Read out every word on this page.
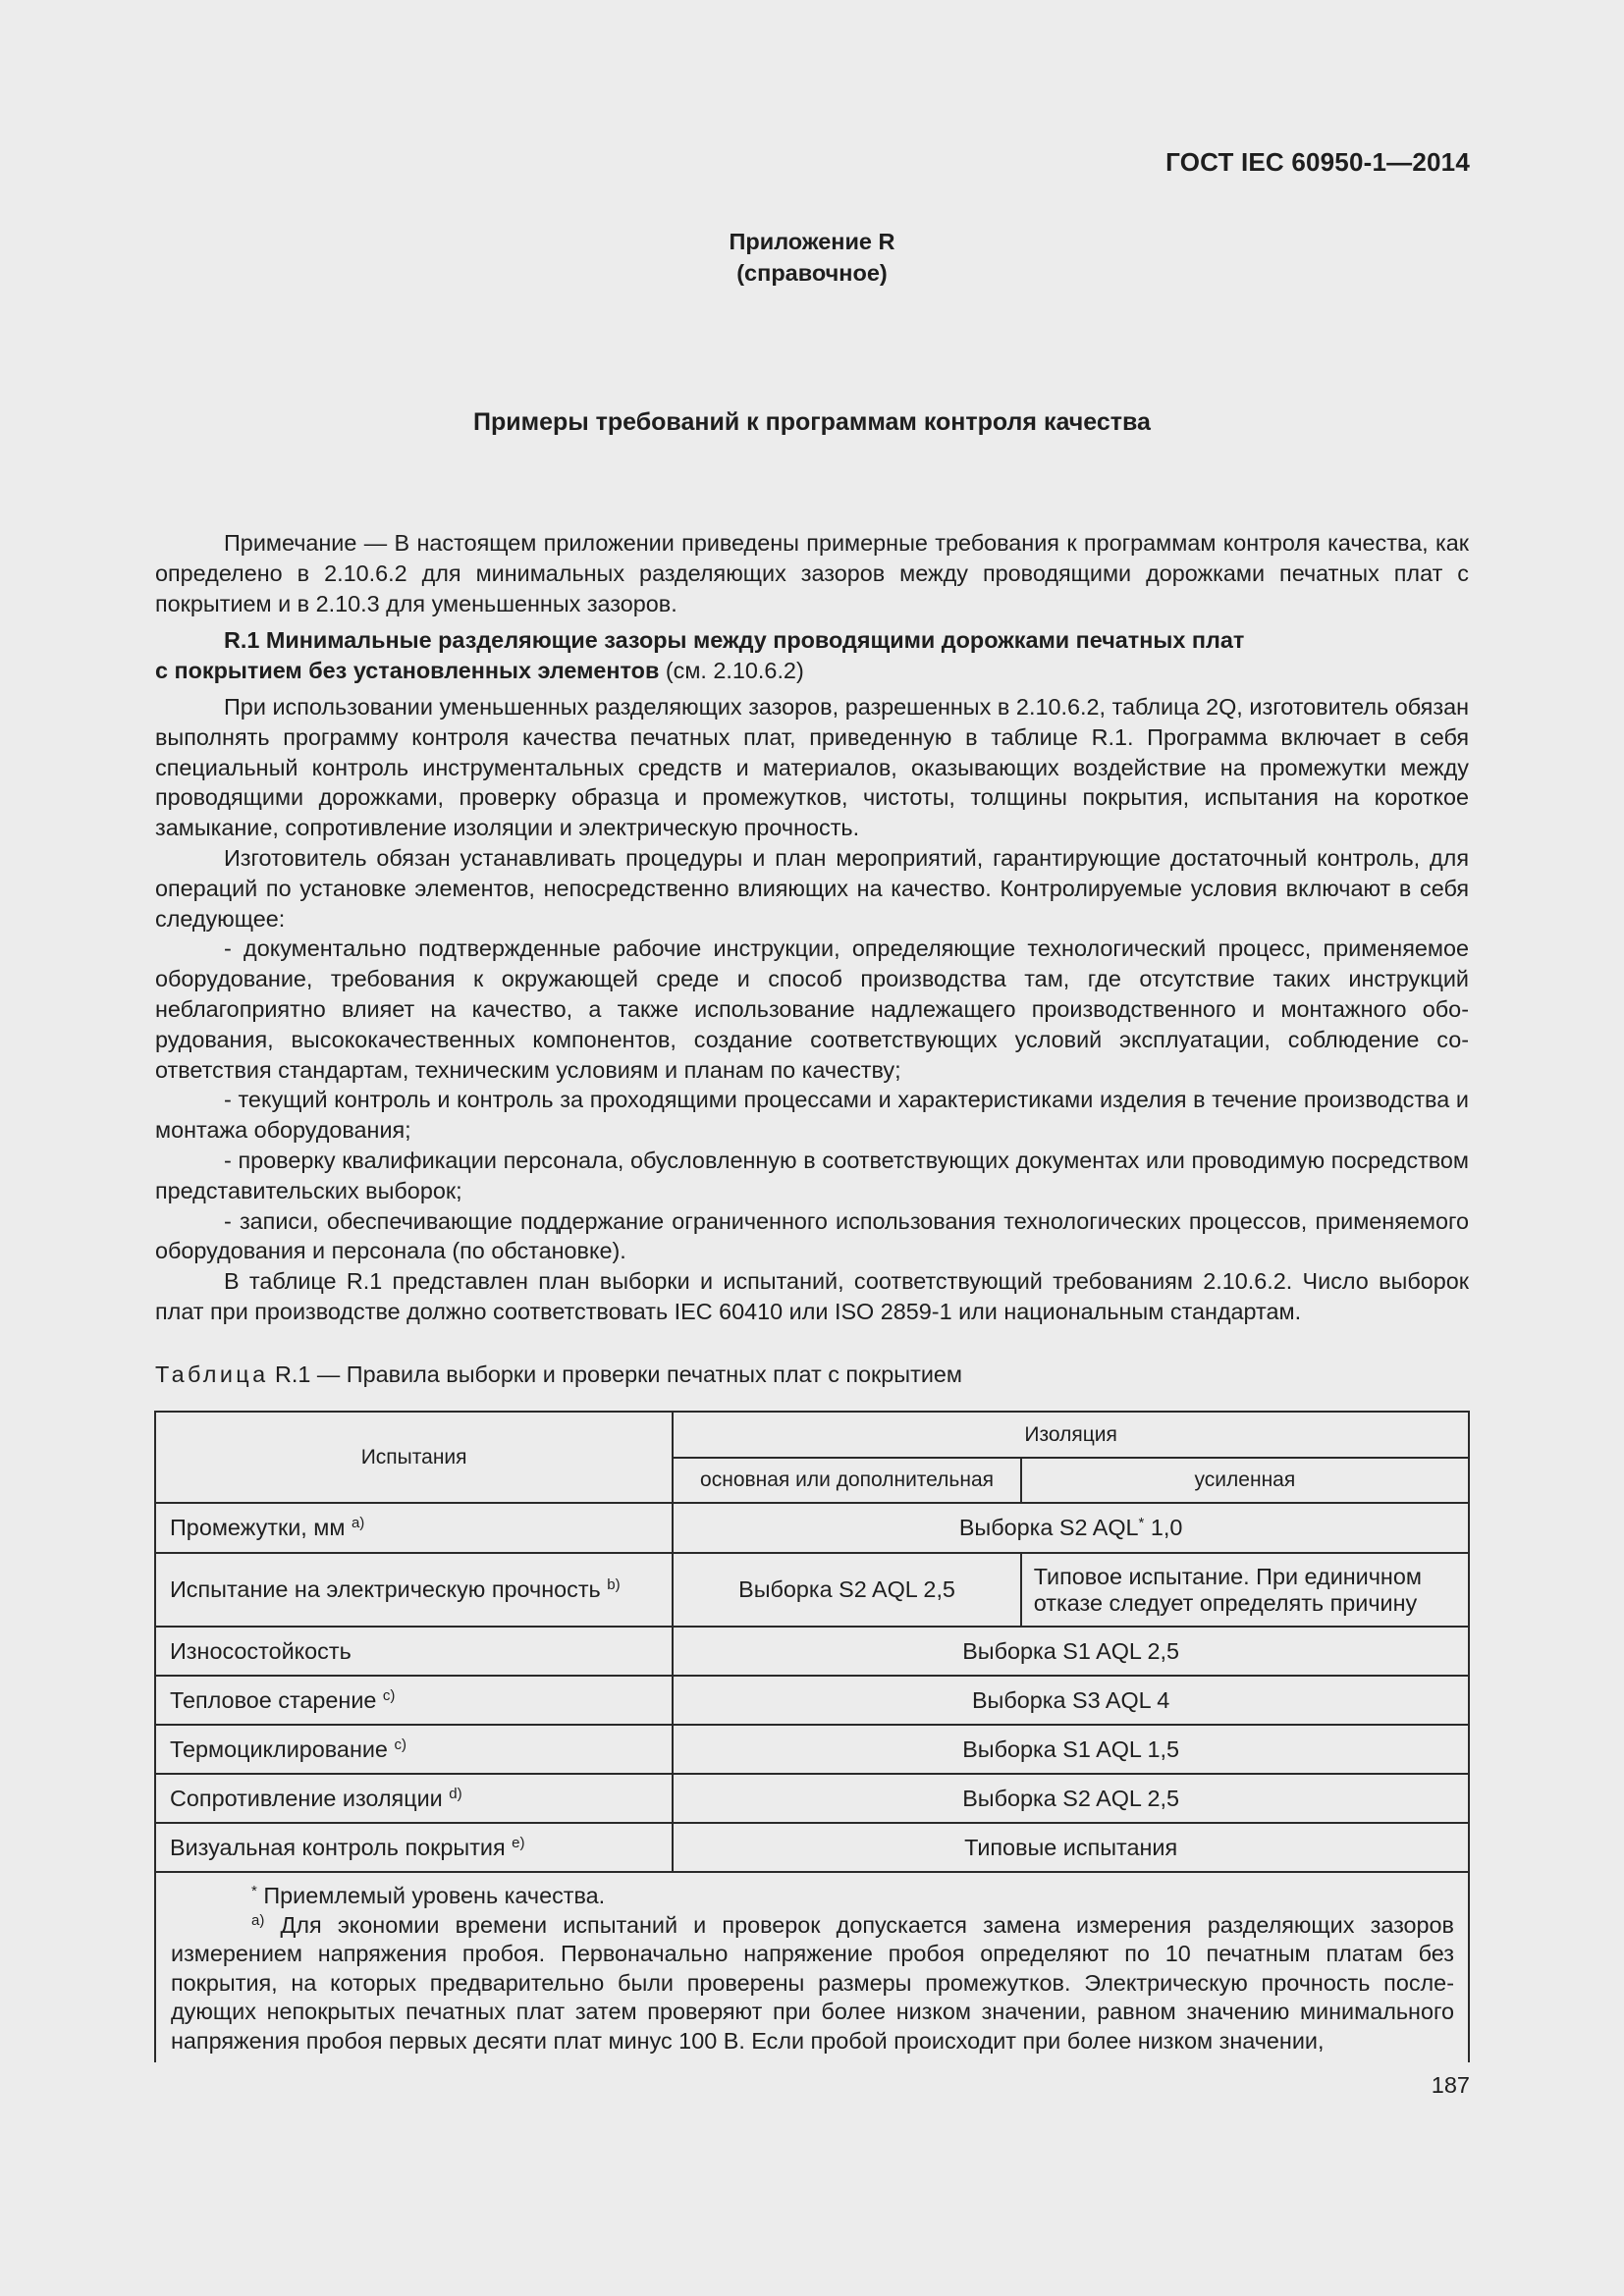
ГОСТ IEC 60950-1—2014
Приложение R
(справочное)
Примеры требований к программам контроля качества

Примечание — В настоящем приложении приведены примерные требования к программам контроля качества, как определено в 2.10.6.2 для минимальных разделяющих зазоров между проводящими дорожками печатных плат с покрытием и в 2.10.3 для уменьшенных зазоров.

R.1 Минимальные разделяющие зазоры между проводящими дорожками печатных плат
с покрытием без установленных элементов (см. 2.10.6.2)

При использовании уменьшенных разделяющих зазоров, разрешенных в 2.10.6.2, таблица 2Q, изготовитель обязан выполнять программу контроля качества печатных плат, приведенную в таблице R.1. Программа включает в себя специальный контроль инструментальных средств и материалов, оказывающих воздействие на промежутки между проводящими дорожками, проверку образца и промежутков, чистоты, толщины покрытия, испытания на короткое замыкание, сопротивление изоляции и электрическую прочность.

Изготовитель обязан устанавливать процедуры и план мероприятий, гарантирующие достаточный контроль, для операций по установке элементов, непосредственно влияющих на качество. Контролируемые условия включают в себя следующее:

- документально подтвержденные рабочие инструкции, определяющие технологический процесс, применяемое оборудование, требования к окружающей среде и способ производства там, где отсутствие таких инструкций неблагоприятно влияет на качество, а также использование надлежащего производственного и монтажного оборудования, высококачественных компонентов, создание соответствующих условий эксплуатации, соблюдение соответствия стандартам, техническим условиям и планам по качеству;

- текущий контроль и контроль за проходящими процессами и характеристиками изделия в течение производства и монтажа оборудования;

- проверку квалификации персонала, обусловленную в соответствующих документах или проводимую посредством представительских выборок;

- записи, обеспечивающие поддержание ограниченного использования технологических процессов, применяемого оборудования и персонала (по обстановке).

В таблице R.1 представлен план выборки и испытаний, соответствующий требованиям 2.10.6.2. Число выборок плат при производстве должно соответствовать IEC 60410 или ISO 2859-1 или национальным стандартам.

Таблица R.1 — Правила выборки и проверки печатных плат с покрытием
Испытания	Изоляция	
	основная или дополнительная	усиленная
Промежутки, мм $^{a)}$	Выборка S2 AQL* 1,0	
Испытание на электрическую прочность $^{b)}$	Выборка S2 AQL 2,5	Типовое испытание. При единичном отказе следует определять причину
Износостойкость	Выборка S1 AQL 2,5	
Тепловое старение $^{c)}$	Выборка S3 AQL 4	
Термоциклирование $^{c)}$	Выборка S1 AQL 1,5	
Сопротивление изоляции $^{d)}$	Выборка S2 AQL 2,5	
Визуальная контроль покрытия $^{e)}$	Типовые испытания	

* Приемлемый уровень качества.

$^{a)}$ Для экономии времени испытаний и проверок допускается замена измерения разделяющих зазоров измерением напряжения пробоя. Первоначально напряжение пробоя определяют по 10 печатным платам без покрытия, на которых предварительно были проверены размеры промежутков. Электрическую прочность последующих непокрытых печатных плат затем проверяют при более низком значении, равном значению минимального напряжения пробоя первых десяти плат минус 100 В. Если пробой происходит при более низком значении,

187
